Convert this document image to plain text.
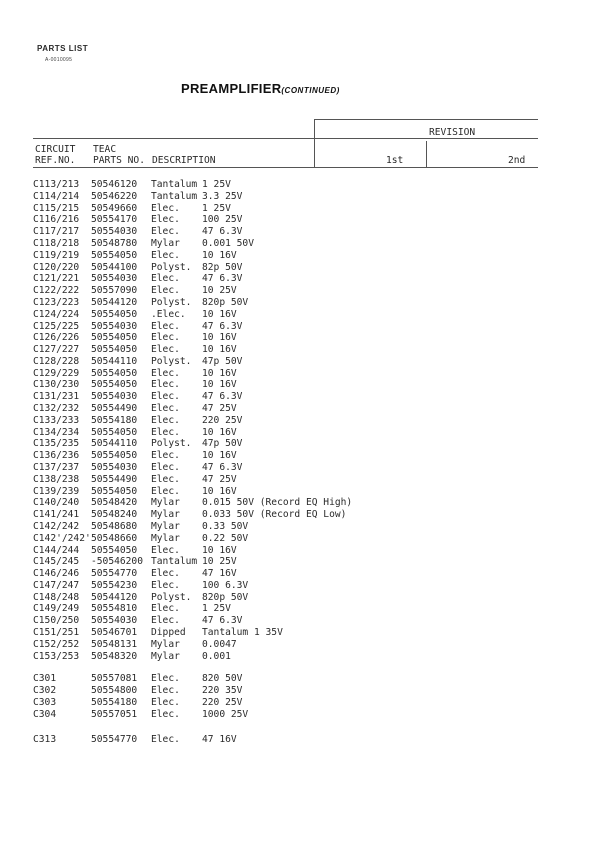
PARTS LIST
A-0010095
PREAMPLIFIER(CONTINUED)
REVISION
CIRCUIT
REF.NO.
TEAC
PARTS NO. DESCRIPTION	1st	2nd
C113/213 50546120 Tantalum 1 25V
C114/214 50546220 Tantalum 3.3 25V
C115/215 50549660 Elec. 1 25V
C116/216 50554170 Elec. 100 25V
C117/217 50554030 Elec. 47 6.3V
C118/218 50548780 Mylar 0.001 50V
C119/219 50554050 Elec. 10 16V
C120/220 50544100 Polyst. 82p 50V
C121/221 50554030 Elec. 47 6.3V
C122/222 50557090 Elec. 10 25V
C123/223 50544120 Polyst. 820p 50V
C124/224 50554050 .Elec. 10 16V
C125/225 50554030 Elec. 47 6.3V
C126/226 50554050 Elec. 10 16V
C127/227 50554050 Elec. 10 16V
C128/228 50544110 Polyst. 47p 50V
C129/229 50554050 Elec. 10 16V
C130/230 50554050 Elec. 10 16V
C131/231 50554030 Elec. 47 6.3V
C132/232 50554490 Elec. 47 25V
C133/233 50554180 Elec. 220 25V
C134/234 50554050 Elec. 10 16V
C135/235 50544110 Polyst. 47p 50V
C136/236 50554050 Elec. 10 16V
C137/237 50554030 Elec. 47 6.3V
C138/238 50554490 Elec. 47 25V
C139/239 50554050 Elec. 10 16V
C140/240 50548420 Mylar 0.015 50V (Record EQ High)
C141/241 50548240 Mylar 0.033 50V (Record EQ Low)
C142/242 50548680 Mylar 0.33 50V
C142'/242' 50548660 Mylar 0.22 50V
C144/244 50554050 Elec. 10 16V
C145/245 -50546200 Tantalum 10 25V
C146/246 50554770 Elec. 47 16V
C147/247 50554230 Elec. 100 6.3V
C148/248 50544120 Polyst. 820p 50V
C149/249 50554810 Elec. 1 25V
C150/250 50554030 Elec. 47 6.3V
C151/251 50546701 Dipped Tantalum 1 35V
C152/252 50548131 Mylar 0.0047
C153/253 50548320 Mylar 0.001
C301	50557081 Elec. 820 50V
C302	50554800 Elec. 220 35V
C303	50554180 Elec. 220 25V
C304	50557051 Elec. 1000 25V
C313	50554770 Elec. 47 16V
